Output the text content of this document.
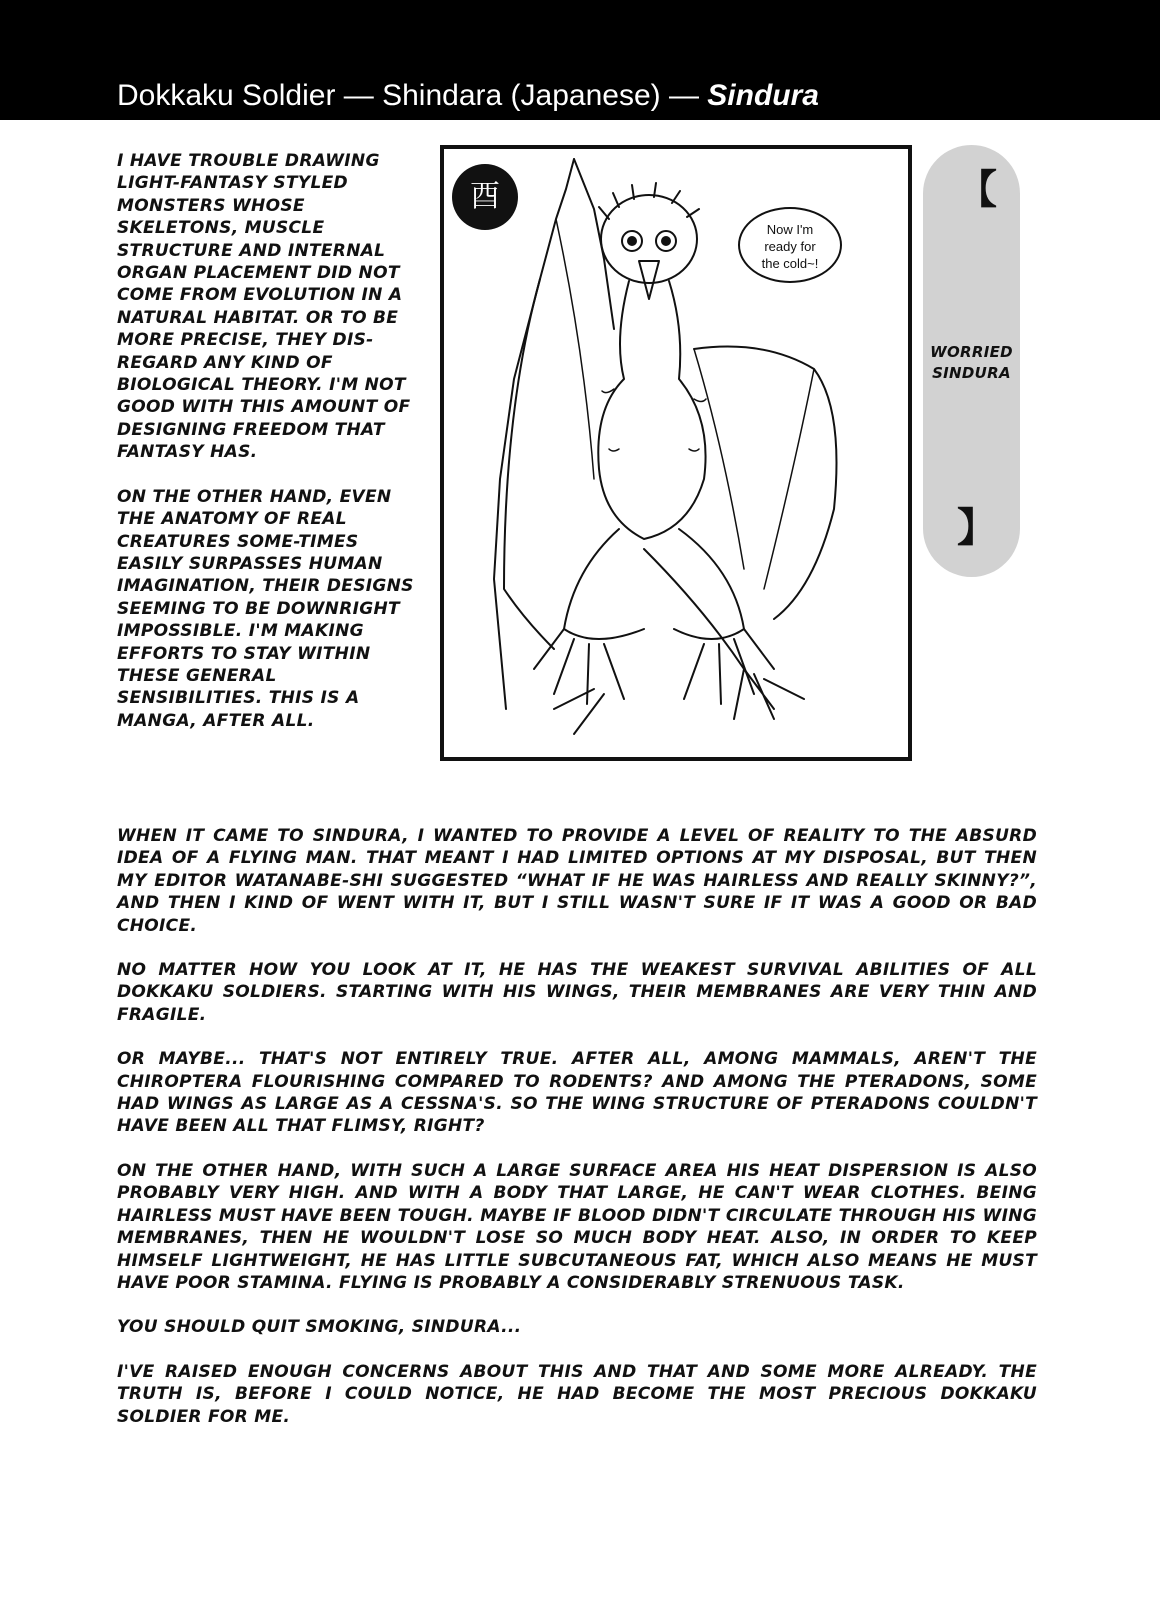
Dokkaku Soldier — Shindara (Japanese) — Sindura

I HAVE TROUBLE DRAWING LIGHT-FANTASY STYLED MONSTERS WHOSE SKELETONS, MUSCLE STRUCTURE AND INTERNAL ORGAN PLACEMENT DID NOT COME FROM EVOLUTION IN A NATURAL HABITAT. OR TO BE MORE PRECISE, THEY DIS-REGARD ANY KIND OF BIOLOGICAL THEORY. I'M NOT GOOD WITH THIS AMOUNT OF DESIGNING FREEDOM THAT FANTASY HAS.

ON THE OTHER HAND, EVEN THE ANATOMY OF REAL CREATURES SOME-TIMES EASILY SURPASSES HUMAN IMAGINATION, THEIR DESIGNS SEEMING TO BE DOWNRIGHT IMPOSSIBLE. I'M MAKING EFFORTS TO STAY WITHIN THESE GENERAL SENSIBILITIES. THIS IS A MANGA, AFTER ALL.

酉
Now I'm
ready for
the cold~!
【
WORRIED
SINDURA
】

WHEN IT CAME TO SINDURA, I WANTED TO PROVIDE A LEVEL OF REALITY TO THE ABSURD IDEA OF A FLYING MAN. THAT MEANT I HAD LIMITED OPTIONS AT MY DISPOSAL, BUT THEN MY EDITOR WATANABE-SHI SUGGESTED “WHAT IF HE WAS HAIRLESS AND REALLY SKINNY?”, AND THEN I KIND OF WENT WITH IT, BUT I STILL WASN'T SURE IF IT WAS A GOOD OR BAD CHOICE.

NO MATTER HOW YOU LOOK AT IT, HE HAS THE WEAKEST SURVIVAL ABILITIES OF ALL DOKKAKU SOLDIERS. STARTING WITH HIS WINGS, THEIR MEMBRANES ARE VERY THIN AND FRAGILE.

OR MAYBE... THAT'S NOT ENTIRELY TRUE. AFTER ALL, AMONG MAMMALS, AREN'T THE CHIROPTERA FLOURISHING COMPARED TO RODENTS? AND AMONG THE PTERADONS, SOME HAD WINGS AS LARGE AS A CESSNA'S. SO THE WING STRUCTURE OF PTERADONS COULDN'T HAVE BEEN ALL THAT FLIMSY, RIGHT?

ON THE OTHER HAND, WITH SUCH A LARGE SURFACE AREA HIS HEAT DISPERSION IS ALSO PROBABLY VERY HIGH. AND WITH A BODY THAT LARGE, HE CAN'T WEAR CLOTHES. BEING HAIRLESS MUST HAVE BEEN TOUGH. MAYBE IF BLOOD DIDN'T CIRCULATE THROUGH HIS WING MEMBRANES, THEN HE WOULDN'T LOSE SO MUCH BODY HEAT. ALSO, IN ORDER TO KEEP HIMSELF LIGHTWEIGHT, HE HAS LITTLE SUBCUTANEOUS FAT, WHICH ALSO MEANS HE MUST HAVE POOR STAMINA. FLYING IS PROBABLY A CONSIDERABLY STRENUOUS TASK.

YOU SHOULD QUIT SMOKING, SINDURA...

I'VE RAISED ENOUGH CONCERNS ABOUT THIS AND THAT AND SOME MORE ALREADY. THE TRUTH IS, BEFORE I COULD NOTICE, HE HAD BECOME THE MOST PRECIOUS DOKKAKU SOLDIER FOR ME.
